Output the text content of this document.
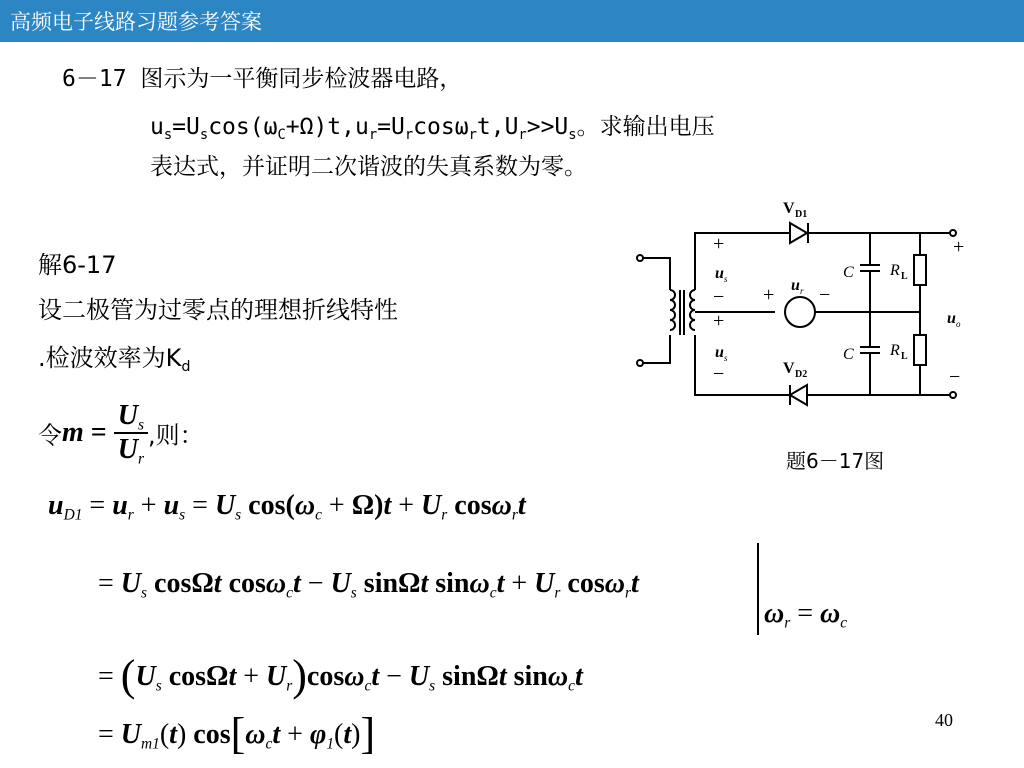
高频电子线路习题参考答案
6－17 图示为一平衡同步检波器电路，
$u_s=U_s\cos(\omega_C+\Omega)t,u_r=U_r\cos\omega_rt,U_r>>U_s$。求输出电压
表达式，并证明二次谐波的失真系数为零。
解6-17
设二极管为过零点的理想折线特性
.检波效率为$K_d$
令$m = \frac{U_s}{U_r}$ ,则：
$u_{D1} = u_r + u_s = U_s$ $\cos(\omega_c + \Omega)t + U_r$ cosω$_r$t
= $U_s$ cosΩt $\cos\omega_ct - U_s$ sinΩt $\sin\omega_ct + U_r$ cosω$_r$t
$\omega_r = \omega_c$
= ($U_s$ $\cos\Omega t + U_r)\cos\omega_ct - U_s$ sinΩt sinω$_c$t
= $U_{m1}(t) \cos[\omega_ct + \varphi_1(t)]$
V D1
V D2
+
−
+
−
u s
u s
u r
+ −
C
C
R L
R L
+
u o
−
题6－17图
40
